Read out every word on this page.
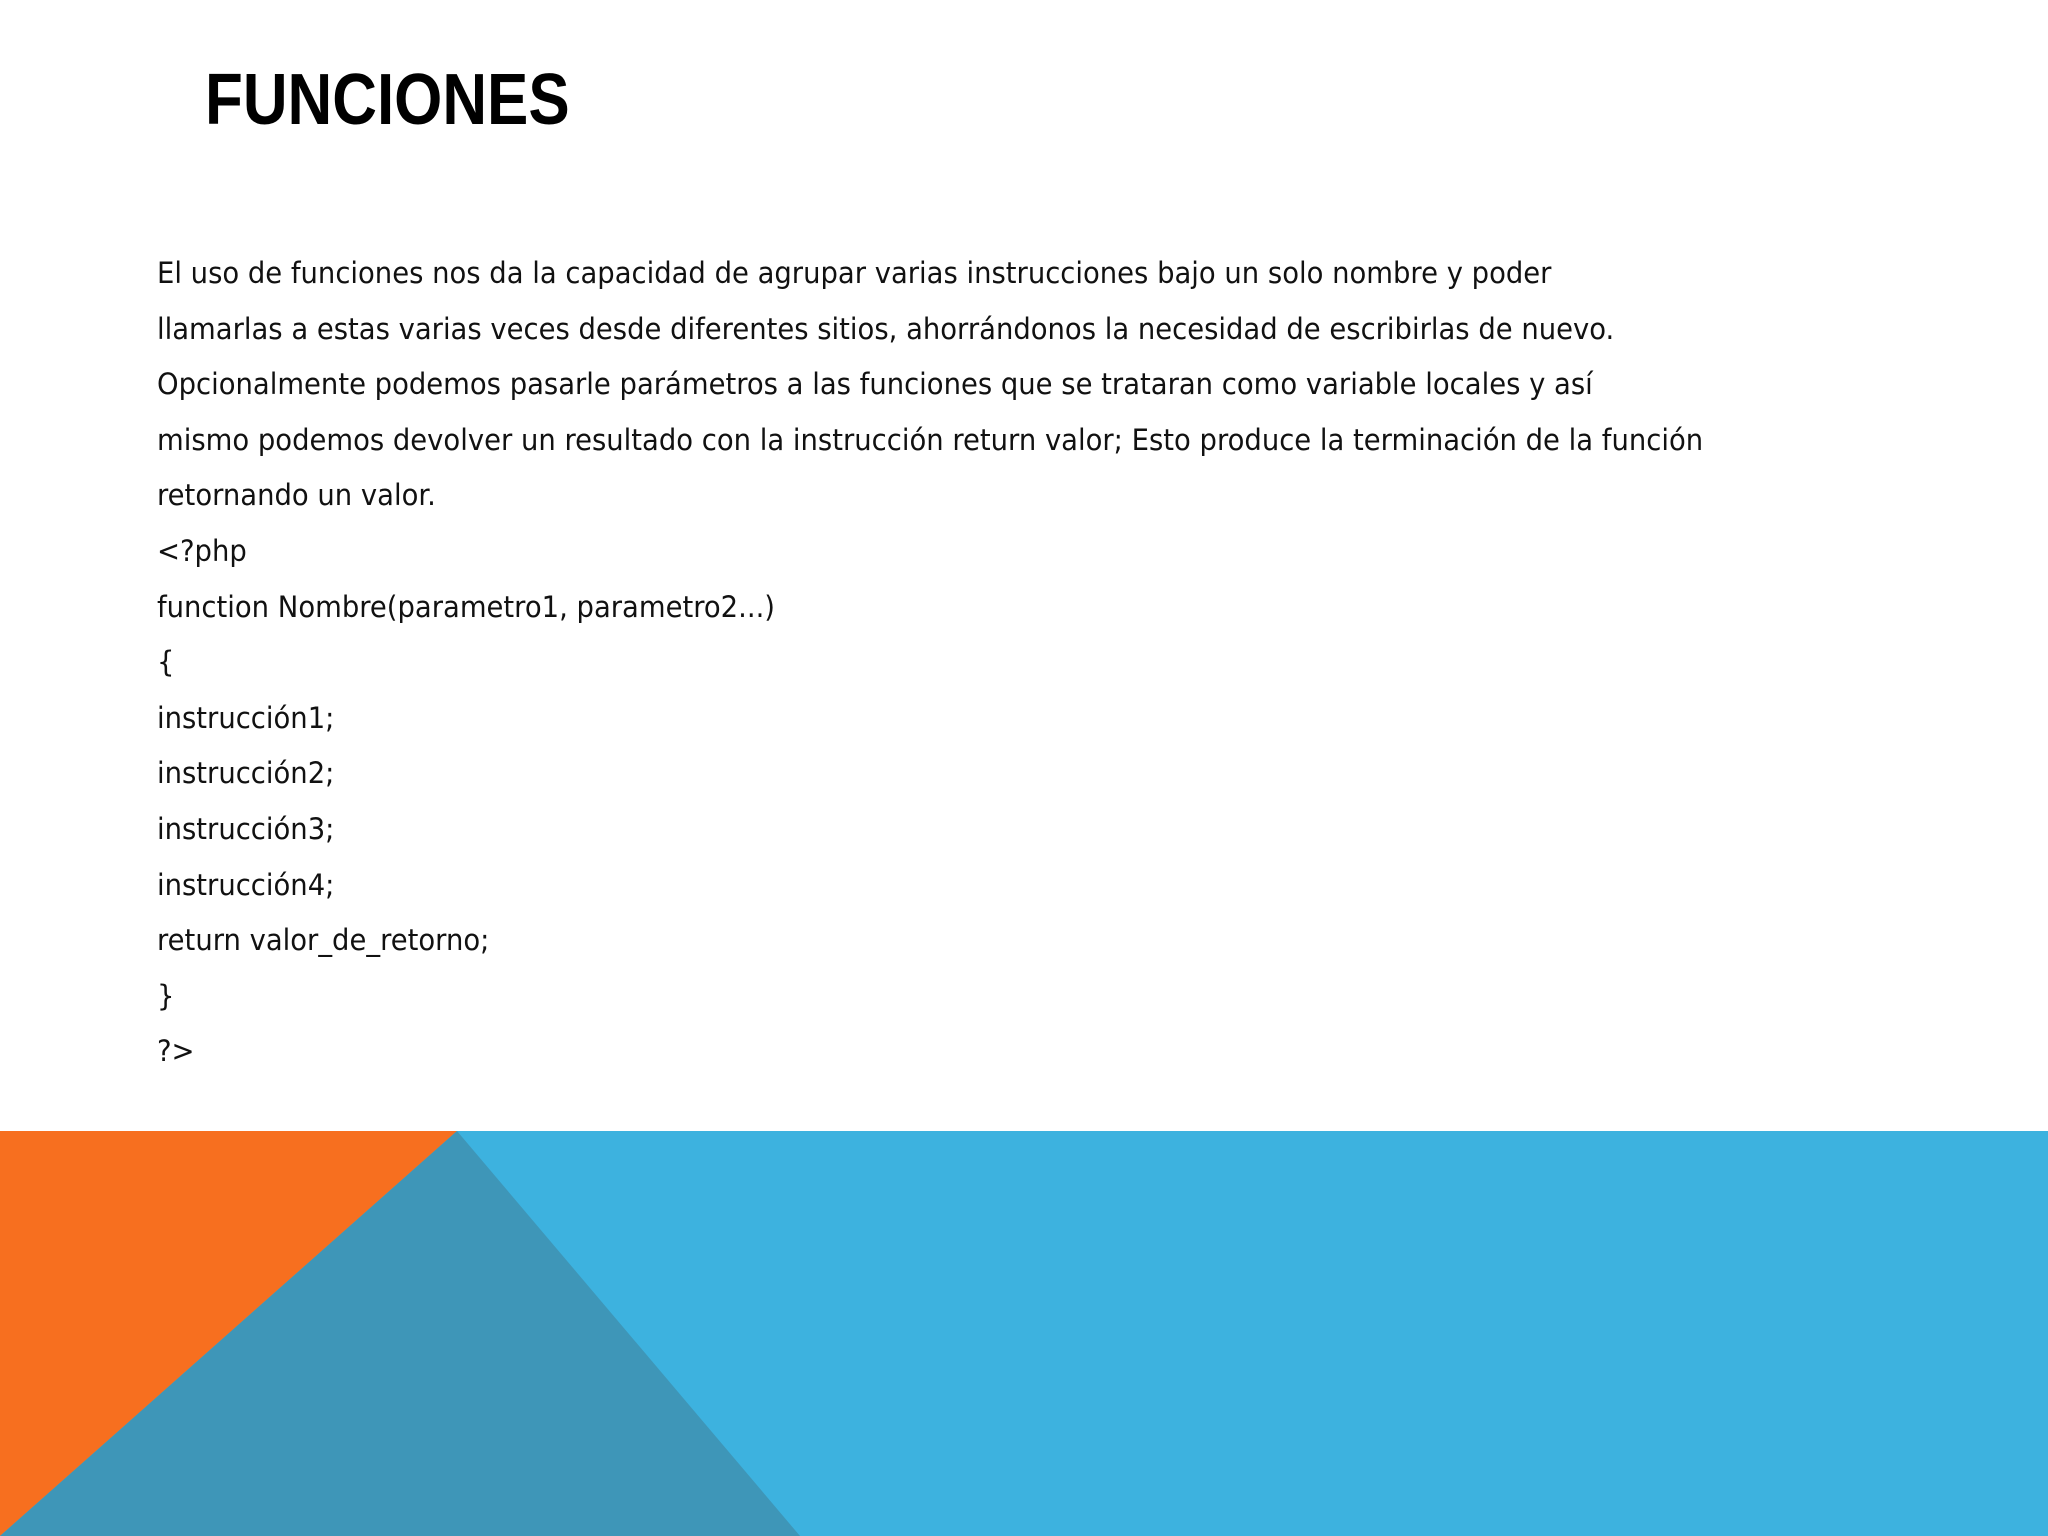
FUNCIONES

El uso de funciones nos da la capacidad de agrupar varias instrucciones bajo un solo nombre y poder

llamarlas a estas varias veces desde diferentes sitios, ahorrándonos la necesidad de escribirlas de nuevo.

Opcionalmente podemos pasarle parámetros a las funciones que se trataran como variable locales y así

mismo podemos devolver un resultado con la instrucción return valor; Esto produce la terminación de la función

retornando un valor.

<?php

function Nombre(parametro1, parametro2...)

{

instrucción1;

instrucción2;

instrucción3;

instrucción4;

return valor_de_retorno;

}

?>
